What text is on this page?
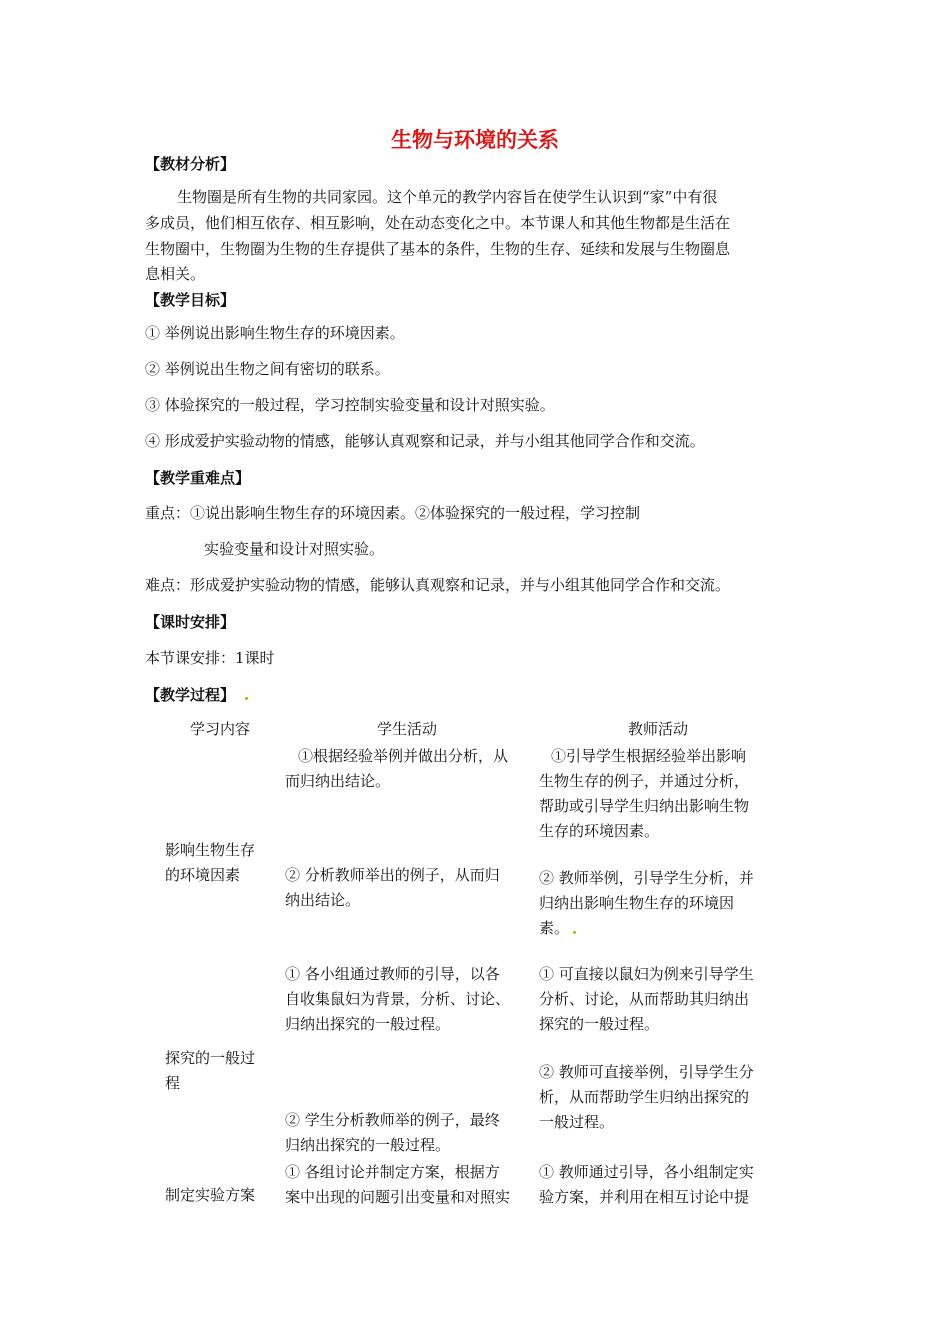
生物与环境的关系
【教材分析】
生物圈是所有生物的共同家园。这个单元的教学内容旨在使学生认识到“家”中有很
多成员，他们相互依存、相互影响，处在动态变化之中。本节课人和其他生物都是生活在
生物圈中，生物圈为生物的生存提供了基本的条件，生物的生存、延续和发展与生物圈息
息相关。
【教学目标】
① 举例说出影响生物生存的环境因素。
② 举例说出生物之间有密切的联系。
③ 体验探究的一般过程，学习控制实验变量和设计对照实验。
④ 形成爱护实验动物的情感，能够认真观察和记录，并与小组其他同学合作和交流。
【教学重难点】
重点：①说出影响生物生存的环境因素。②体验探究的一般过程，学习控制
实验变量和设计对照实验。
难点：形成爱护实验动物的情感，能够认真观察和记录，并与小组其他同学合作和交流。
【课时安排】
本节课安排：1课时
【教学过程】
学习内容	学生活动	教师活动
影响生物生存
的环境因素
①根据经验举例并做出分析，从
而归纳出结论。
② 分析教师举出的例子，从而归
纳出结论。
①引导学生根据经验举出影响
生物生存的例子，并通过分析，
帮助或引导学生归纳出影响生物
生存的环境因素。
② 教师举例，引导学生分析，并
归纳出影响生物生存的环境因
素。
探究的一般过
程
① 各小组通过教师的引导，以各
自收集鼠妇为背景，分析、讨论、
归纳出探究的一般过程。
② 学生分析教师举的例子，最终
归纳出探究的一般过程。
① 可直接以鼠妇为例来引导学生
分析、讨论，从而帮助其归纳出
探究的一般过程。
② 教师可直接举例，引导学生分
析，从而帮助学生归纳出探究的
一般过程。
制定实验方案
① 各组讨论并制定方案，根据方
案中出现的问题引出变量和对照实
① 教师通过引导，各小组制定实
验方案，并利用在相互讨论中提
